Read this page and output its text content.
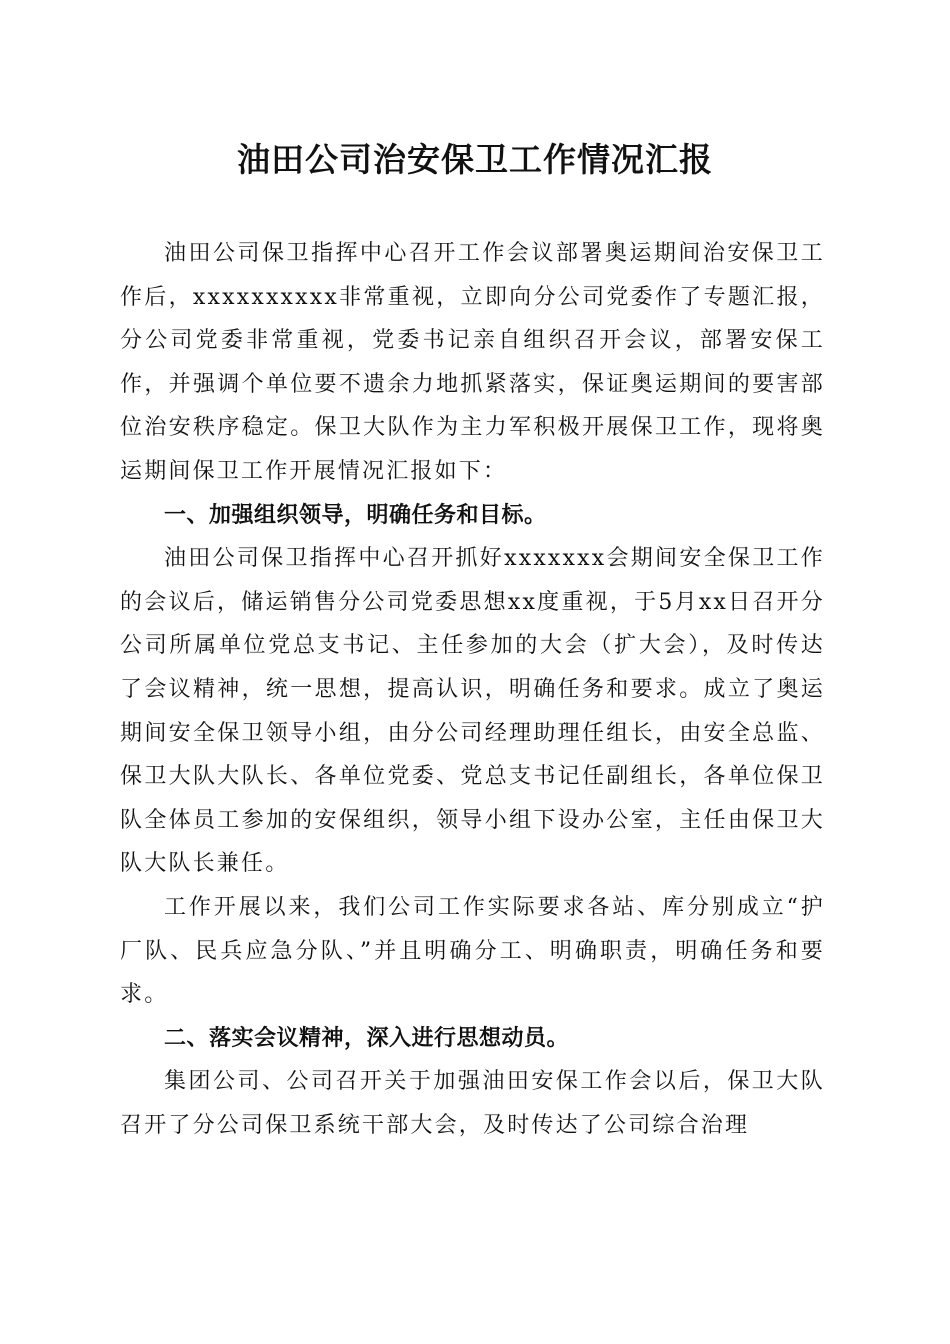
油田公司治安保卫工作情况汇报

油田公司保卫指挥中心召开工作会议部署奥运期间治安保卫工作后，xxxxxxxxxx非常重视，立即向分公司党委作了专题汇报，分公司党委非常重视，党委书记亲自组织召开会议，部署安保工作，并强调个单位要不遗余力地抓紧落实，保证奥运期间的要害部位治安秩序稳定。保卫大队作为主力军积极开展保卫工作，现将奥运期间保卫工作开展情况汇报如下：

一、加强组织领导，明确任务和目标。

油田公司保卫指挥中心召开抓好xxxxxxx会期间安全保卫工作的会议后，储运销售分公司党委思想xx度重视，于5月xx日召开分公司所属单位党总支书记、主任参加的大会（扩大会），及时传达了会议精神，统一思想，提高认识，明确任务和要求。成立了奥运期间安全保卫领导小组，由分公司经理助理任组长，由安全总监、保卫大队大队长、各单位党委、党总支书记任副组长，各单位保卫队全体员工参加的安保组织，领导小组下设办公室，主任由保卫大队大队长兼任。

工作开展以来，我们公司工作实际要求各站、库分别成立“护厂队、民兵应急分队、”并且明确分工、明确职责，明确任务和要求。

二、落实会议精神，深入进行思想动员。

集团公司、公司召开关于加强油田安保工作会以后，保卫大队召开了分公司保卫系统干部大会，及时传达了公司综合治理
